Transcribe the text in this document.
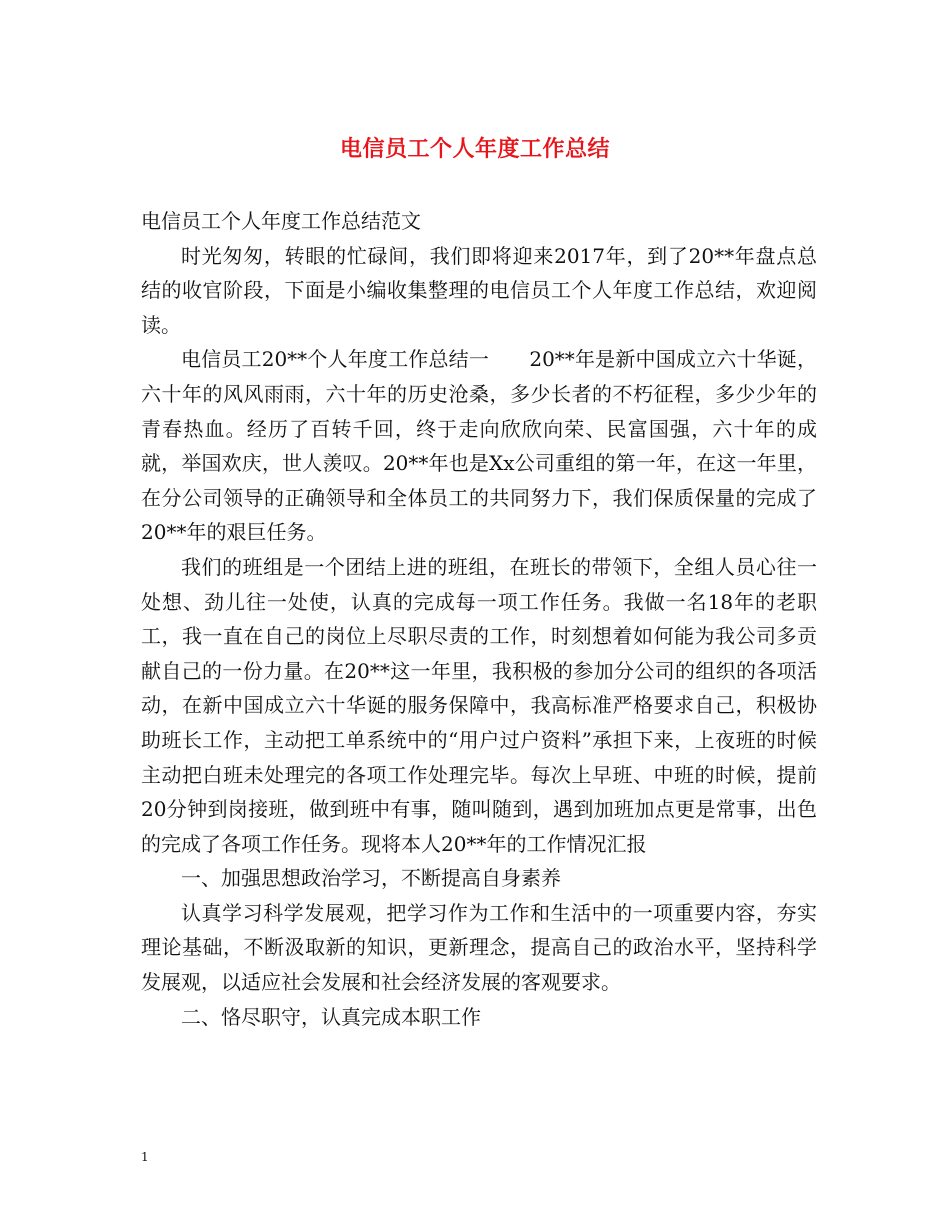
电信员工个人年度工作总结

电信员工个人年度工作总结范文

时光匆匆，转眼的忙碌间，我们即将迎来2017年，到了20**年盘点总结的收官阶段，下面是小编收集整理的电信员工个人年度工作总结，欢迎阅读。

电信员工20**个人年度工作总结一　　20**年是新中国成立六十华诞，六十年的风风雨雨，六十年的历史沧桑，多少长者的不朽征程，多少少年的青春热血。经历了百转千回，终于走向欣欣向荣、民富国强，六十年的成就，举国欢庆，世人羡叹。20**年也是Xx公司重组的第一年，在这一年里，在分公司领导的正确领导和全体员工的共同努力下，我们保质保量的完成了20**年的艰巨任务。

我们的班组是一个团结上进的班组，在班长的带领下，全组人员心往一处想、劲儿往一处使，认真的完成每一项工作任务。我做一名18年的老职工，我一直在自己的岗位上尽职尽责的工作，时刻想着如何能为我公司多贡献自己的一份力量。在20**这一年里，我积极的参加分公司的组织的各项活动，在新中国成立六十华诞的服务保障中，我高标准严格要求自己，积极协助班长工作，主动把工单系统中的“用户过户资料”承担下来，上夜班的时候主动把白班未处理完的各项工作处理完毕。每次上早班、中班的时候，提前20分钟到岗接班，做到班中有事，随叫随到，遇到加班加点更是常事，出色的完成了各项工作任务。现将本人20**年的工作情况汇报

一、加强思想政治学习，不断提高自身素养

认真学习科学发展观，把学习作为工作和生活中的一项重要内容，夯实理论基础，不断汲取新的知识，更新理念，提高自己的政治水平，坚持科学发展观，以适应社会发展和社会经济发展的客观要求。

二、恪尽职守，认真完成本职工作

1
